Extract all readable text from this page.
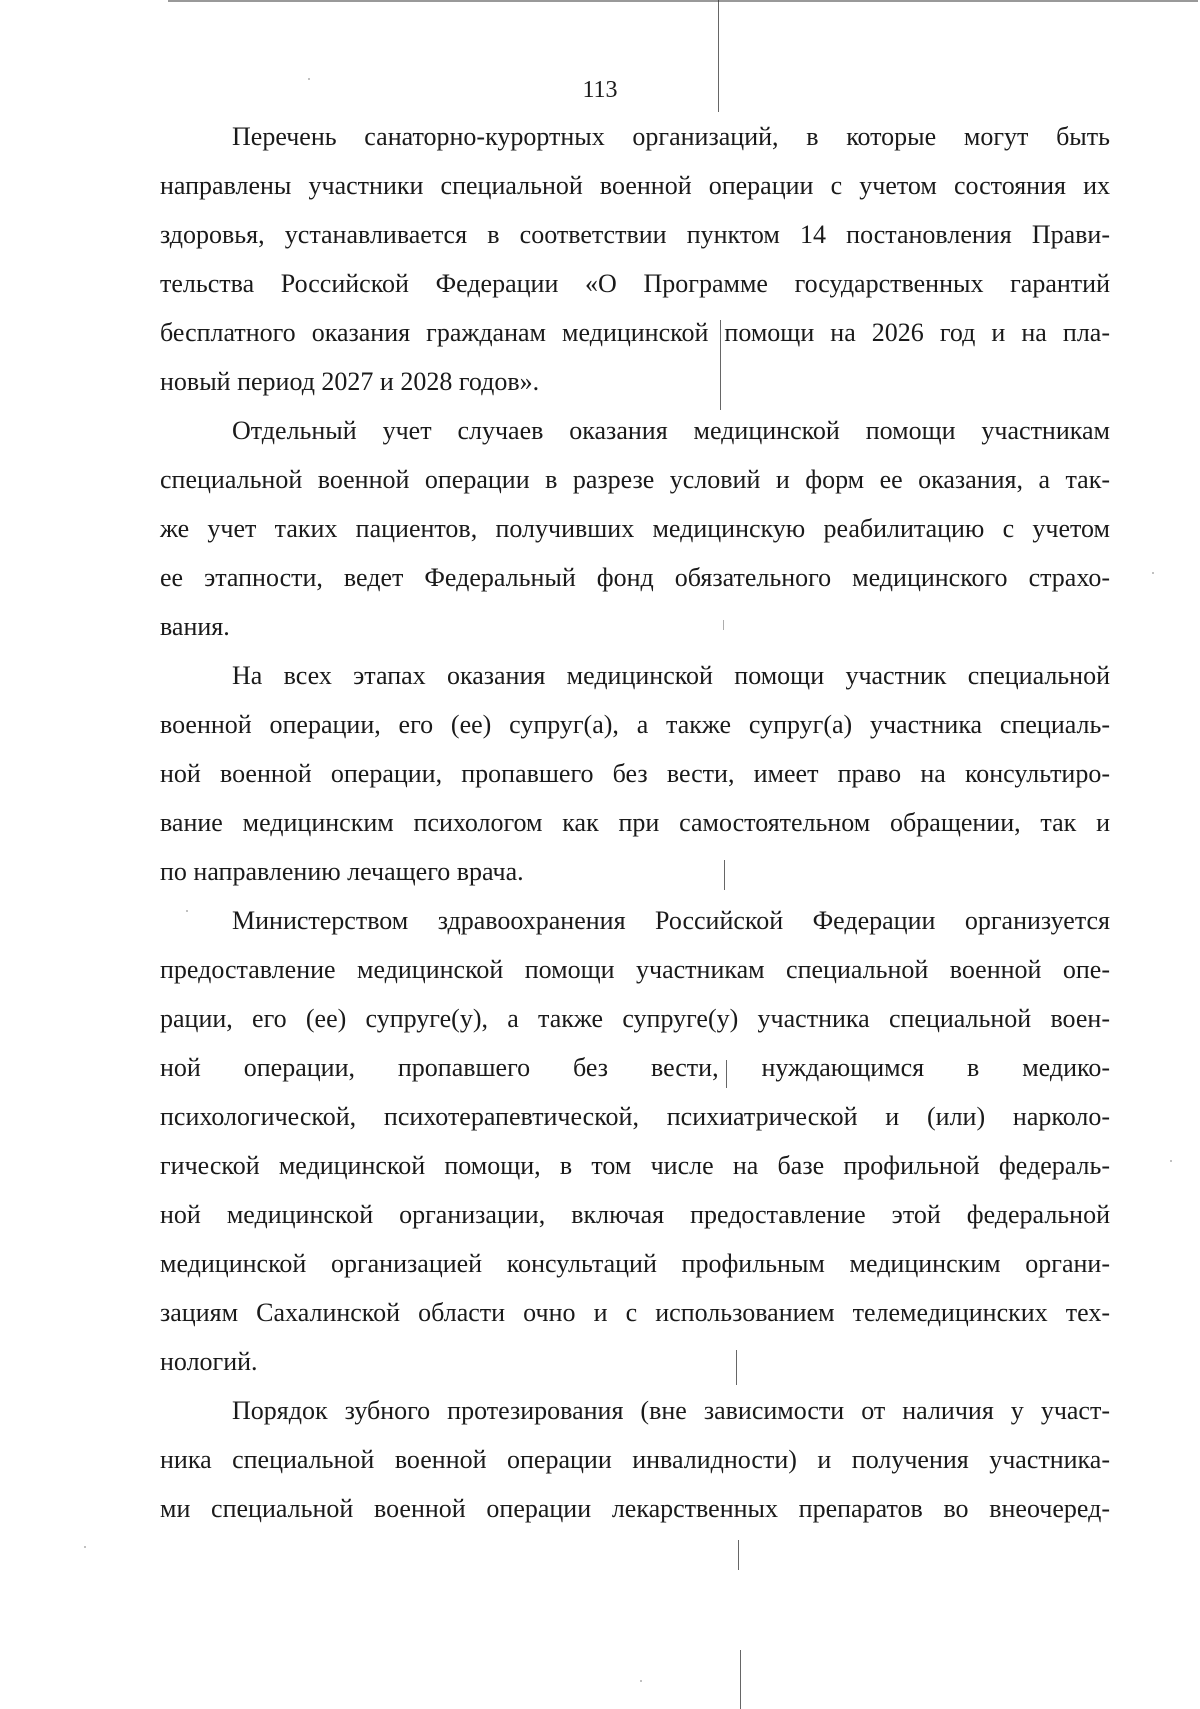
113
Перечень санаторно-курортных организаций, в которые могут быть
направлены участники специальной военной операции с учетом состояния их
здоровья, устанавливается в соответствии пунктом 14 постановления Прави-
тельства Российской Федерации «О Программе государственных гарантий
бесплатного оказания гражданам медицинской помощи на 2026 год и на пла-
новый период 2027 и 2028 годов».
Отдельный учет случаев оказания медицинской помощи участникам
специальной военной операции в разрезе условий и форм ее оказания, а так-
же учет таких пациентов, получивших медицинскую реабилитацию с учетом
ее этапности, ведет Федеральный фонд обязательного медицинского страхо-
вания.
На всех этапах оказания медицинской помощи участник специальной
военной операции, его (ее) супруг(а), а также супруг(а) участника специаль-
ной военной операции, пропавшего без вести, имеет право на консультиро-
вание медицинским психологом как при самостоятельном обращении, так и
по направлению лечащего врача.
Министерством здравоохранения Российской Федерации организуется
предоставление медицинской помощи участникам специальной военной опе-
рации, его (ее) супруге(у), а также супруге(у) участника специальной воен-
ной операции, пропавшего без вести, нуждающимся в медико-
психологической, психотерапевтической, психиатрической и (или) нарколо-
гической медицинской помощи, в том числе на базе профильной федераль-
ной медицинской организации, включая предоставление этой федеральной
медицинской организацией консультаций профильным медицинским органи-
зациям Сахалинской области очно и с использованием телемедицинских тех-
нологий.
Порядок зубного протезирования (вне зависимости от наличия у участ-
ника специальной военной операции инвалидности) и получения участника-
ми специальной военной операции лекарственных препаратов во внеочеред-
